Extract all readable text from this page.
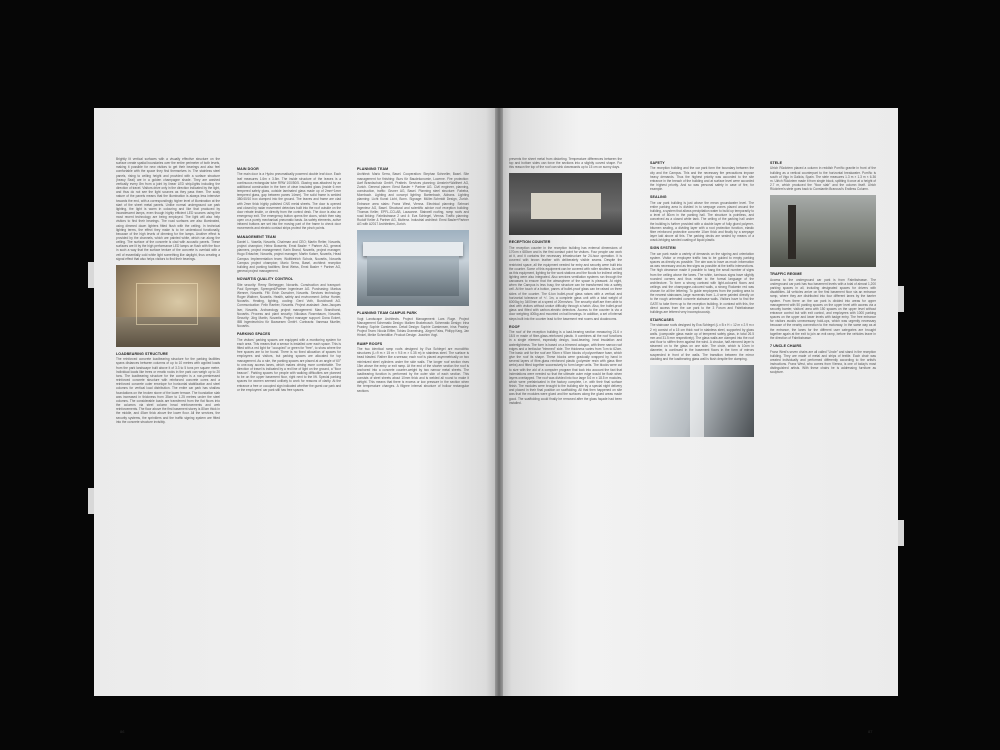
Brightly lit vertical surfaces with a visually effective structure on the surface create spatial boundaries over the entire perimeter of both levels, making it possible for new visitors to get their bearings and also feel comfortable with the space they find themselves in. The stainless steel panels, rising to ceiling height and provided with a surface structure (heavy Seal) are in a golden champagne shade. They are washed vertically every 8m from a joint by linear LED strip-lights including the direction of travel. Visitors drive only in the direction indicated by the light, and thus do not see the light sources as they pass them. The scaly nature of the panels means that the illumination is always less intensive towards the end, with a correspondingly higher level of illumination at the start of the sheet metal panels. Unlike normal underground car park lighting, the light is warm in colouring and like that produced by incandescent lamps, even though highly efficient LED sources using the most recent technology are being employed. The light will also help visitors to find their bearings. The road surfaces are also illuminated, using dimmed down lighters fitted flush with the ceiling. In technical lighting terms, the effect they make is to be understood functionally, because of the high levels of dimming for the lamps. Another effect is provided by the channels, which are painted white, which run along the ceiling. The surface of the concrete is clad with acoustic panels. These surfaces are lit by the high performance LED lamps on flush with the floor in such a way that the surface texture of the concrete is overlaid with a veil of essentially cold white light something like daylight, thus creating a signal effect that also helps visitors to find their bearings.

LOADBEARING STRUCTURE

The reinforced concrete loadbearing structure for the parking facilities spans distances between columns of up to 10 metres with applied loads from the park landscape built above it of 3.3 to 5 tons per square metre. Individual loads like trees or erratic rocks in the park can weigh up to 20 tons. The loadbearing structure for the complex is a non-prestressed reinforced concrete structure with reinforced concrete cores and a reinforced concrete outer envelope for horizontal stabilization and steel columns for vertical load distribution. The entire car park has shallow foundations on the broken stone of the lower terrace. The foundation slab was increased in thickness from 35cm to 1.25 metres under the steel columns. The considerable loads are transferred from the flat floors into the columns via steel column head reinforcements and web reinforcements. The floor above the first basement storey is 80cm thick in the middle, and 45cm thick above the lower floor. All the services, the security systems, the sprinklers and the traffic signing system are fitted into the concrete structure invisibly.

MAIN DOOR

The main door is a Hydro pneumatically powered double leaf door. Each leaf measures 1.6m x 3.5m. The inside structure of the leaves is a continuous rectangular tube RRW 100/50/5. Glazing was attached by an additional construction in the form of clear insulated glass (inside 6 mm tempered safety glass, outside laminated glass made up of 2mm+1mm tempered glass, gap between panes 14mm). The solid frame is welded 380/40/10 box clamped into the ground. The leaves and frame are clad with 2mm thick highly polished CNS metal sheets. The door is opened and closed by radar movement detectors built into the roof outside on the door rebate inside, or directly from the control desk. The door is also an emergency exit. The emergency button opens the doors, which then stay open on a purely mechanical pneumatic basis. As safety elements, active infrared buttons are set into the moving part of the frame to check door movements and electric contact strips protect the pinch points.

MANAGEMENT TEAM

Daniel L. Vasella, Novartis, Chairman and CEO; Martin Reiter, Novartis, project champion; Heinz Bosserts; Ernst Basler + Partner AG, general planners, project management; Karin Brand, Novartis, project manager; Hugo Erbacher, Novartis, project manager; Martin Kaiser, Novartis, Head Campus Implementation team; Wolfdietrich Schutz, Novartis, Novartis Campus project champion; Mario Serra, Basel, architect reception building and parking facilities; Beat Weiss, Ernst Basler + Partner AG, general project management.

NOVARTIS QUALITY CONTROL

Site security: Remy Steinegger, Novartis. Construction and transport: Paul Sprenger, Sprenger&Partner Ingenieure AG. Purchasing: Markus Wenner, Novartis. FM: Erich Durscher, Novartis. Services technology: Roger Waltner, Novartis. Health, safety and environment: Arthur Hunter, Novartis. Heating, lighting, cooling: Gerd Voth, Burckhardt AG. Communication: Felix Raeber, Novartis. Project assistant: Jean-Jacques Iser, Novartis. Archaeology project management: Marc Brandhorst, Novartis. Process and plant security: Nikolaus Rosenbaum, Novartis. Security: Jörg Martin, Novartis. Project manager support: Dona Eckert, IBB Ingenieurbüro für Bauwesen GmbH. Contracts: Vanessa Mueller, Novartis.

PARKING SPACES

The visitors' parking spaces are equipped with a monitoring system for each area. This means that a sensor is installed over each space. This is fitted with a red light for "occupied" or green for "free", to show where the free spaces are to be found. There is no fixed allocation of spaces for employees and visitors, but parking spaces are allocated for top management. As a rule, the parking spaces are placed at an angle of 60° to one-way access lanes, which makes driving more comfortable. The direction of travel is indicated by a red line of light on the ground, a "floor beacon". Parking spaces for people with walking difficulties are planned to be on the upper basement floor, right next to the lift. Special parking spaces for women seemed unlikely to work for reasons of clarity. At the entrance a free or occupied sign indicated whether the guest car park and or the employees' car park still has free spaces.

PLANNING TEAM

Architect: Mario Serra, Basel. Cooperation: Stephan Schneller, Basel. Site management for finishing: Burs für Baudekonomie, Lucerne. Fire protection: Aarf Brandschutz GmbH, Pratteln. Services planning: Amstein+Walthert AG, Zurich. General planer: Ernst Basler + Partner AG. Civil engineer, planning, construction, traffic: Gruner AG, Basel. Planning steel structure: Fabeba, Mornbach. Lighting and concept lighting: Bartenbach, Aldrans. Lighting planning: Licht Kunst Licht, Bonn. Signage: Müller-Schmidt Design, Zurich. Entrance area stairs: Franz West, Vienna. Electrical planning: Selmoni Ingenieur AG, Basel. Structural and scientific advice roof reception building: Thomas Keller, EPFL-CCLAB, Lausanne. Stairwell roofing, ramp roofs and road linking: Fabrikstrasse 2 und 4: Eva Schlegel, Vienna. Traffic planning: Rudolf Keller & Partner AG, Muttenz. Industrial architect: Ernst Basler+Partner AG with A2017 Architekten, Zurich.

PLANNING TEAM CAMPUS PARK

Vogt Landscape Architects. Project Management: Lars Ruge. Project Management Schematic Design: Maiken Brakebusch. Schematic Design: Irina Praxley, Sophie Carstensen. Detail Design: Sophie Carstensen, Irina Praxley. Project Team: Nicola Eiffler, Tobias Gramelsing, Jürgen Faiss, Philipp Karg, Jan Hinkel, Meike Schmidtlke. Product Design: Joachim Vogt.

RAMP ROOFS

The two identical ramp roofs designed by Eva Schlegel are monolithic structures (L=9 m × 15 m × 9.5 m × 0.35 m) in stainless steel. The surface is bead blasted. Rather like a seesaw, each roof is placed asymmetrically on two minimized steel cylinders under the side walls. The longer roof section rises 15m above the entry or exit ramp. At the end of the shorter section the roof is anchored into a concrete counter-weight by two narrow metal sheets. The loadbearing function is performed by the outer skin of each section. This consists of steel sheets about 10mm thick and is welded all round to make it airtight. This means that there is excess or low pressure in the section when the temperature changes. A filigree internal structure of hollow rectangular sections

86

prevents the sheet metal from distorting. Temperature differences between the top and bottom sides can force the sections into a slightly curved shape. For this reason the top of the roof can sink downwards up to 15 cm on sunny days.

RECEPTION COUNTER

The reception counter in the reception building has external dimensions of 170cm x 680cm and is the first contact point for visitors. Four people can work at it, and it contains the necessary infrastructure for 24-hour operation. It is covered with brown leather with deliberately visible seams. Despite the restricted space, all the equipment needed for entry and security were built into the counter. Some of this equipment can be covered with roller shutters. As well as this equipment, lighting for the work stations and the floods for indirect ceiling lighting were also integrated. Also services ventilation systems run through the carcasses to ensure that the atmosphere of the space is pleasant. At night, when the Campus is less busy, the structure can be transformed into a safety cell. At the touch of a button, panes of bullet-proof glass can be raised on three sides of the counter. The 6-ton bullet-proof glass raises with a vertical and horizontal tolerance of +/- 1m, a complete glass unit with a total weight of 6000kg by 3400mm at a speed of 20mm/sec. The security staff are then able to deal with visitors without undue difficulty through a hatch. Also, the bullet-proof glass and fitted with carbon-electric detectors. Access to the counter is via a door weighing 400kg and mounted on ball bearings. In addition, a set of internal steps built into the counter lead to the basement rest rooms and cloakrooms.

ROOF

The roof of the reception building is a load-bearing section measuring 21.6 x 18.5 m made of fibre-glass-reinforced plastic. It combines all the roof functions in a single element, especially design, load-bearing, heat insulation and watertightness. The form is based on a trimmed octagon, with three narrow roof edges and a lenticular "trimmed" side. The thickness varies from 7cm to 62cm. The basic unit for the roof are 90cm x 90cm blocks of polyurethane foam, which give the roof its shape. These blocks were gradually wrapped by hand in several layers of fibre-glass reinforced plastic (polyester resin with glass fibre webs) and fitted together successively to form larger units. The blocks were cut to size with the aid of a computer program that took into account the fact that indentations were needed so that the ultimate outer edge would be flush when layers overlapped. The roof was divided into four large 5.6 m x 18.5 m modules, which were prefabricated in the factory complete, i.e. with their final surface finish. The modules were brought to the building site by a special night delivery and placed in their final position on scaffolding. All that then happened on site was that the modules were glued and the surfaces along the glued areas made good. The scaffolding could finally be removed after the glass façade had been installed.

SAFETY

The reception building and the car park form the boundary between the city and the Campus. This and the necessary fire precautions impose heavy demands. Thus the highest priority was accorded to the site entrance in the breach of the building and at surface level were accorded the highest priority. And so was personal safety in case of fire, for example.

SEALING

The car park building is just above the mean groundwater level. The entire parking area is divided in to seepage zones placed around the building, a system that allows precipitation water to build up temporarily to a level of 80cm in the parking hall. The structure is pointless, and conceived as a closed white tank. The ceiling of the parking hall under the building is further provided with a double layer of fully glued polymer-bitumen sealing, a dividing layer with a root protection function, elastic fibre reinforced protective concrete 10cm thick and finally by a seepage layer laid above all this. The parking decks are sealed by means of a crack-bridging sanded coating of liquid plastic.

SIGN SYSTEM

The car park made a variety of demands on the signing and orientation system. Visitor or employee traffic has to be guided to empty parking spaces as directly as possible. The aim was to have as much information as was necessary and as few signs as possible at the traffic intersections. The high clearance made it possible to hang the small number of signs from the ceiling above the lanes. The white, luminous signs have slightly rounded corners and thus relate to the formal language of the architecture. To form a strong contrast with light-coloured floors and ceilings and the champagne-coloured walls, a strong Rodamin red was chosen for all the lettering. To guide employees from the parking area to the nearest staircases, large numerals from 1–4 were painted directly on to the rough untreated concrete staircase walls. Visitors have to find the GATE to take them up to the reception building. In contrast with this, the direct access from the car park to the 3 Forum and Fabrikstrasse buildings are lettered very inconspicuously.

STAIRCASES

The staircase roofs designed by Eva Schlegel (L x B x H = 12 m x 2.9 m x 2 m) consist of a 15 cm thick roof in stainless steel, supported by glass walls. (composite glass made up of tempered safety glass, in total 26.5 mm and 31.5 mm respectively). The glass walls are clamped into the roof and floor to stiffen them against the wind. A circular, half-mirrored layer is steamed on to the glass on one side. The circle, which is 10cm in diameter, is continued in the basement floors in the form of mirrors suspended in front of the walls. The transition between the mirror cladding and the loadbearing glass wall is flush despite the clamping.

STELE

Ulrich Rückriem placed a column in reddish Porriño granite in front of the building as a vertical counterpart to the horizontal breakwater. Porriño is south of Vigo in Galicia, Spain. The stele measures 1.3 m × 1.3 m × 6.36 m. Ulrich Rückriem made it from single block, splitting it once at a height of 2.7 m, which produced the "floor slab" and the column itself. Ulrich Rückriem's stele goes back to Constantin Brancusi's Endless Column.

TRAFFIC REGIME

Access to the underground car park is from Fabrikstrasse. The underground car park has two basement levels with a total of almost 1,200 parking spaces in all, including designated spaces for drivers with disabilities. All vehicles arrive on the first basement floor via an entrance ramp, where they are distributed into four different lanes by the barrier system. From there on the car park is divided into areas for upper management with 50 parking spaces on the upper level with access via a security barrier, visitors' area with 150 spaces on the upper level without entrance control but with exit control, and employees with 1000 parking spaces on the upper and lower levels with badge entry. The free entrance for visitors avoids unnecessary hold-ups, which was urgently necessary because of the nearby connection to the motorway. In the same way as at the entrance, the lanes for the different user categories are brought together again at the exit to join an exit ramp, before the vehicles leave in the direction of Fabrikstrasse.

7 UNCLE CHAIRS

Franz West's seven chairs are all called "Uncle" and stand in the reception building. They are made of metal and strips of textile. Each chair was created individually and performed differently according to the artist's instructions. Franz West, who comes from Vienna, is one of today's most distinguished artists. With these chairs he is addressing furniture as sculpture.

87
